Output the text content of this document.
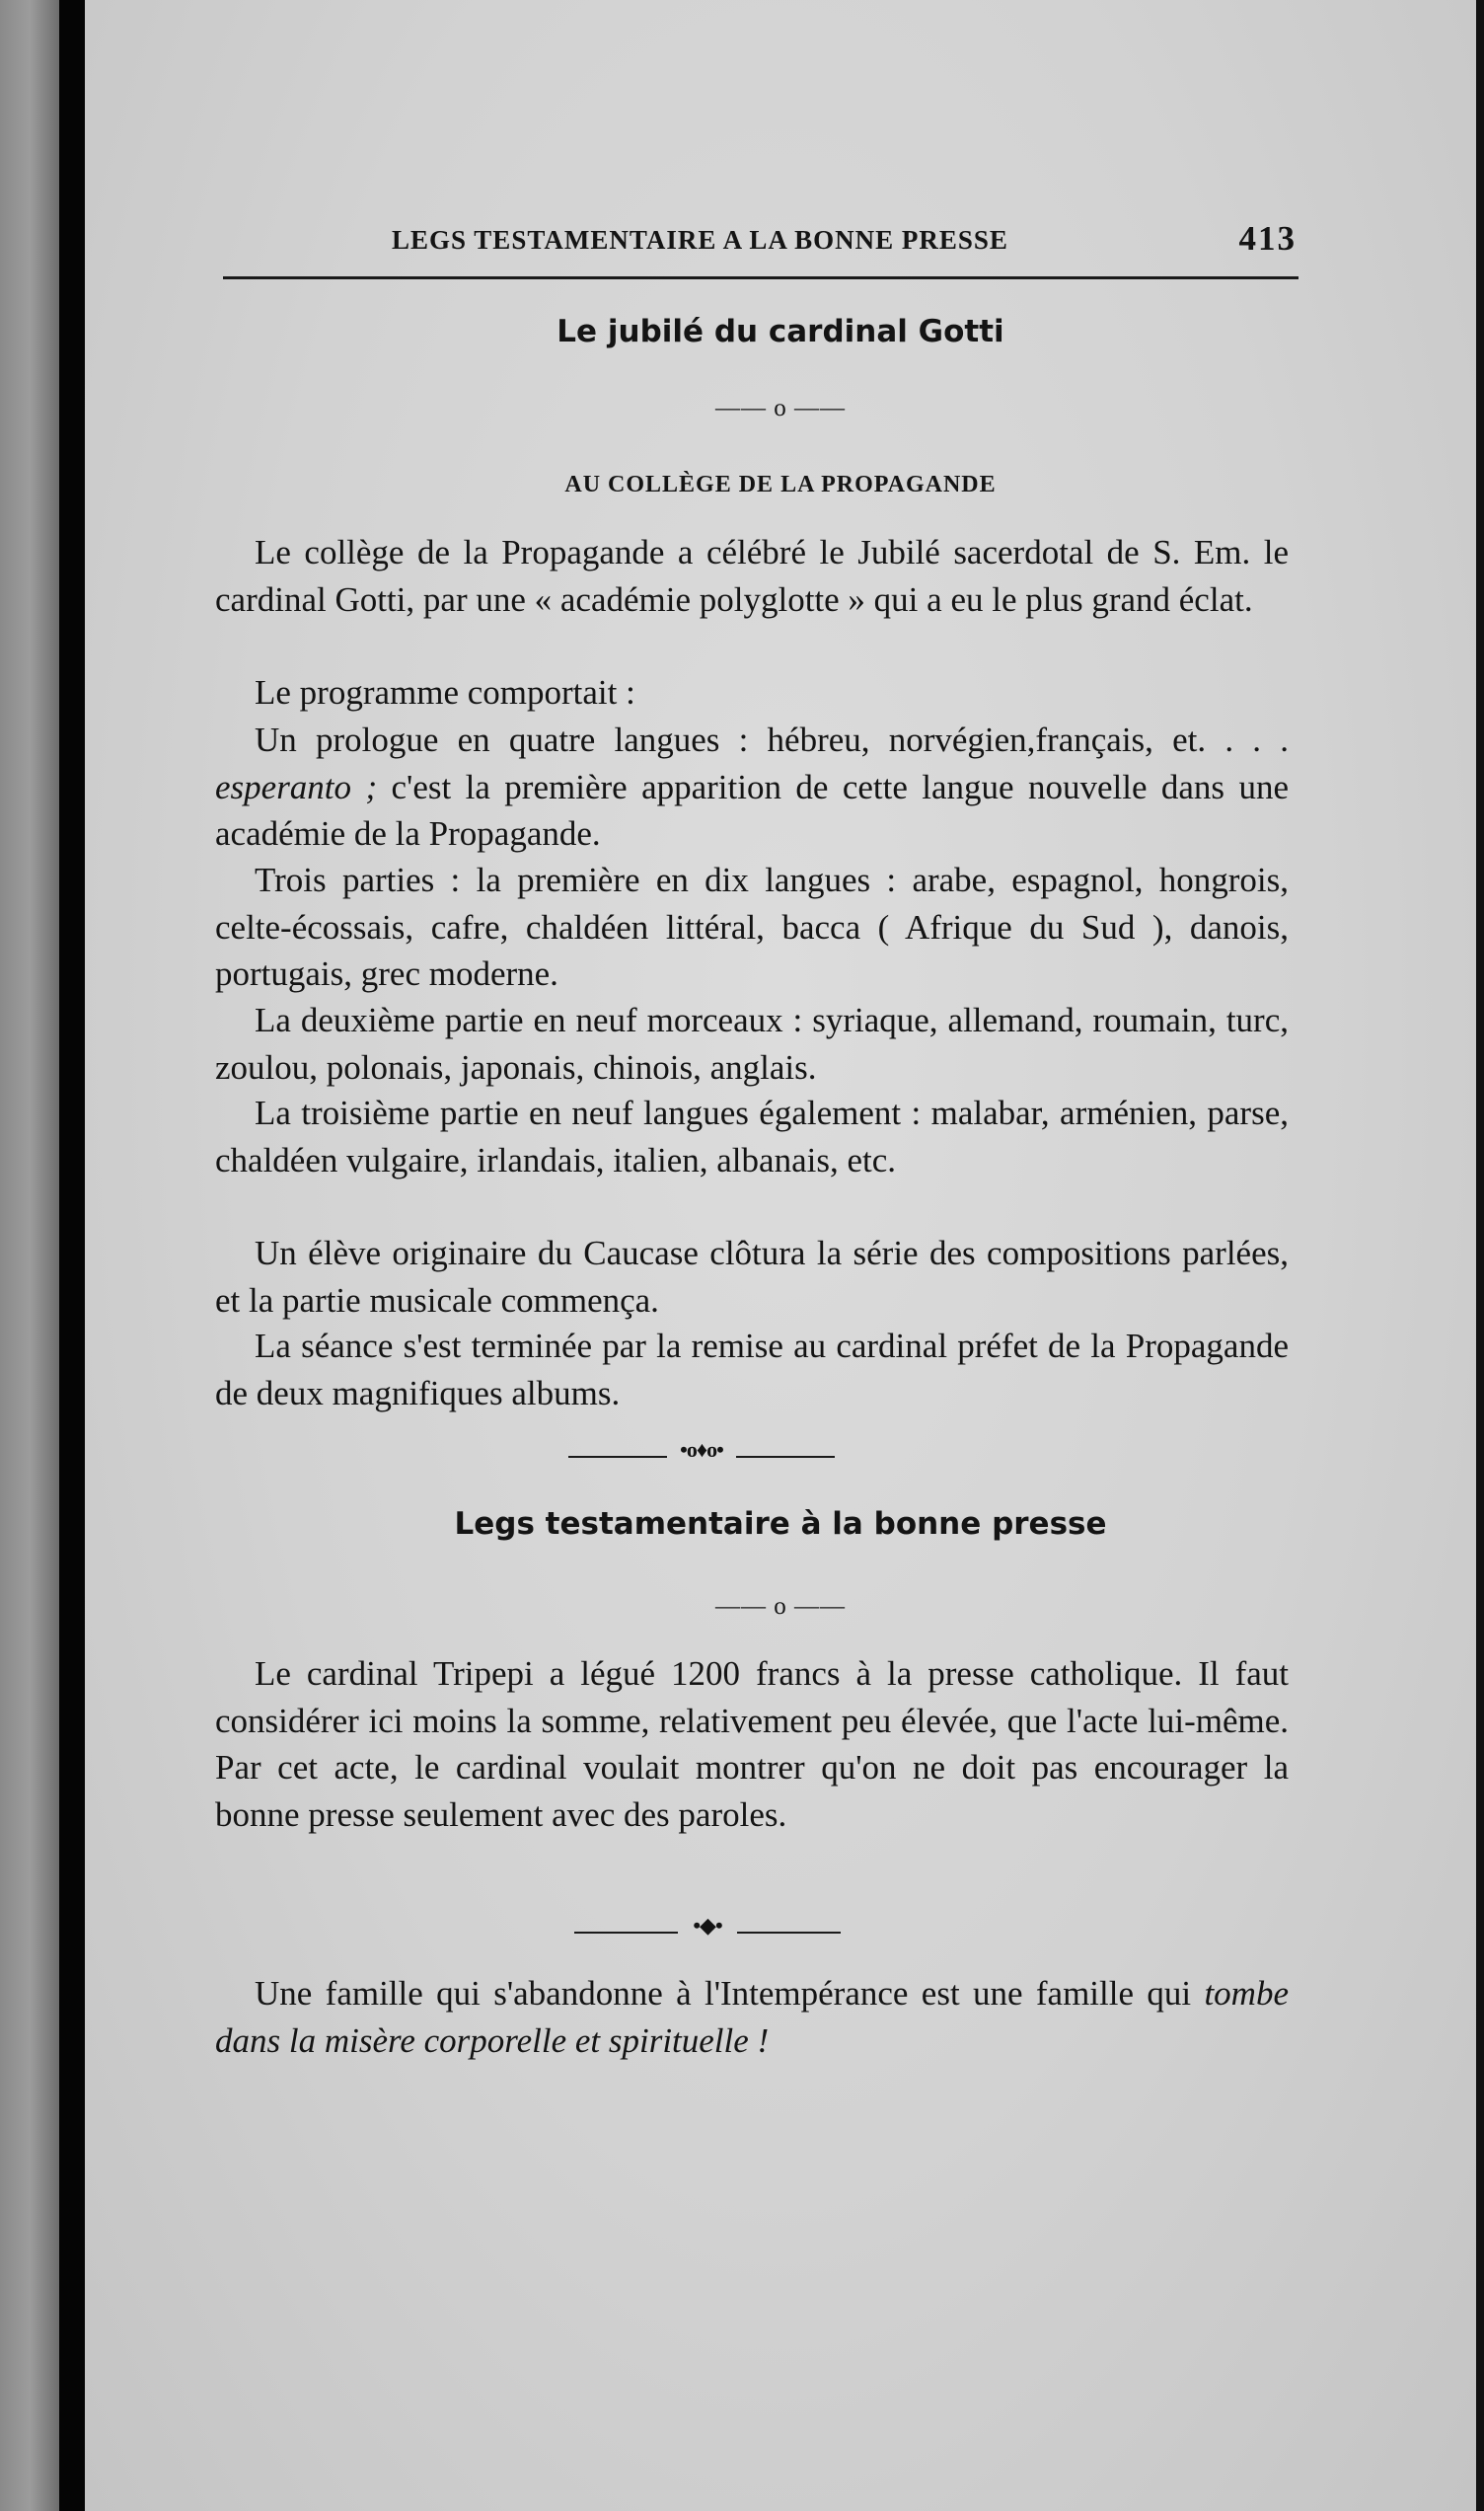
LEGS TESTAMENTAIRE A LA BONNE PRESSE	413
Le jubilé du cardinal Gotti
—— o ——
AU COLLÈGE DE LA PROPAGANDE

Le collège de la Propagande a célébré le Jubilé sacerdotal de S. Em. le cardinal Gotti, par une « académie polyglotte » qui a eu le plus grand éclat.

Le programme comportait :

Un prologue en quatre langues : hébreu, norvégien,français, et. . . . esperanto ; c'est la première apparition de cette langue nouvelle dans une académie de la Propagande.

Trois parties : la première en dix langues : arabe, espagnol, hongrois, celte-écossais, cafre, chaldéen littéral, bacca ( Afrique du Sud ), danois, portugais, grec moderne.

La deuxième partie en neuf morceaux : syriaque, allemand, roumain, turc, zoulou, polonais, japonais, chinois, anglais.

La troisième partie en neuf langues également : malabar, arménien, parse, chaldéen vulgaire, irlandais, italien, albanais, etc.

Un élève originaire du Caucase clôtura la série des compositions parlées, et la partie musicale commença.

La séance s'est terminée par la remise au cardinal préfet de la Propagande de deux magnifiques albums.

•o♦o•
Legs testamentaire à la bonne presse
—— o ——

Le cardinal Tripepi a légué 1200 francs à la presse catholique. Il faut considérer ici moins la somme, relativement peu élevée, que l'acte lui-même. Par cet acte, le cardinal voulait montrer qu'on ne doit pas encourager la bonne presse seulement avec des paroles.

•◆•

Une famille qui s'abandonne à l'Intempérance est une famille qui tombe dans la misère corporelle et spirituelle !
